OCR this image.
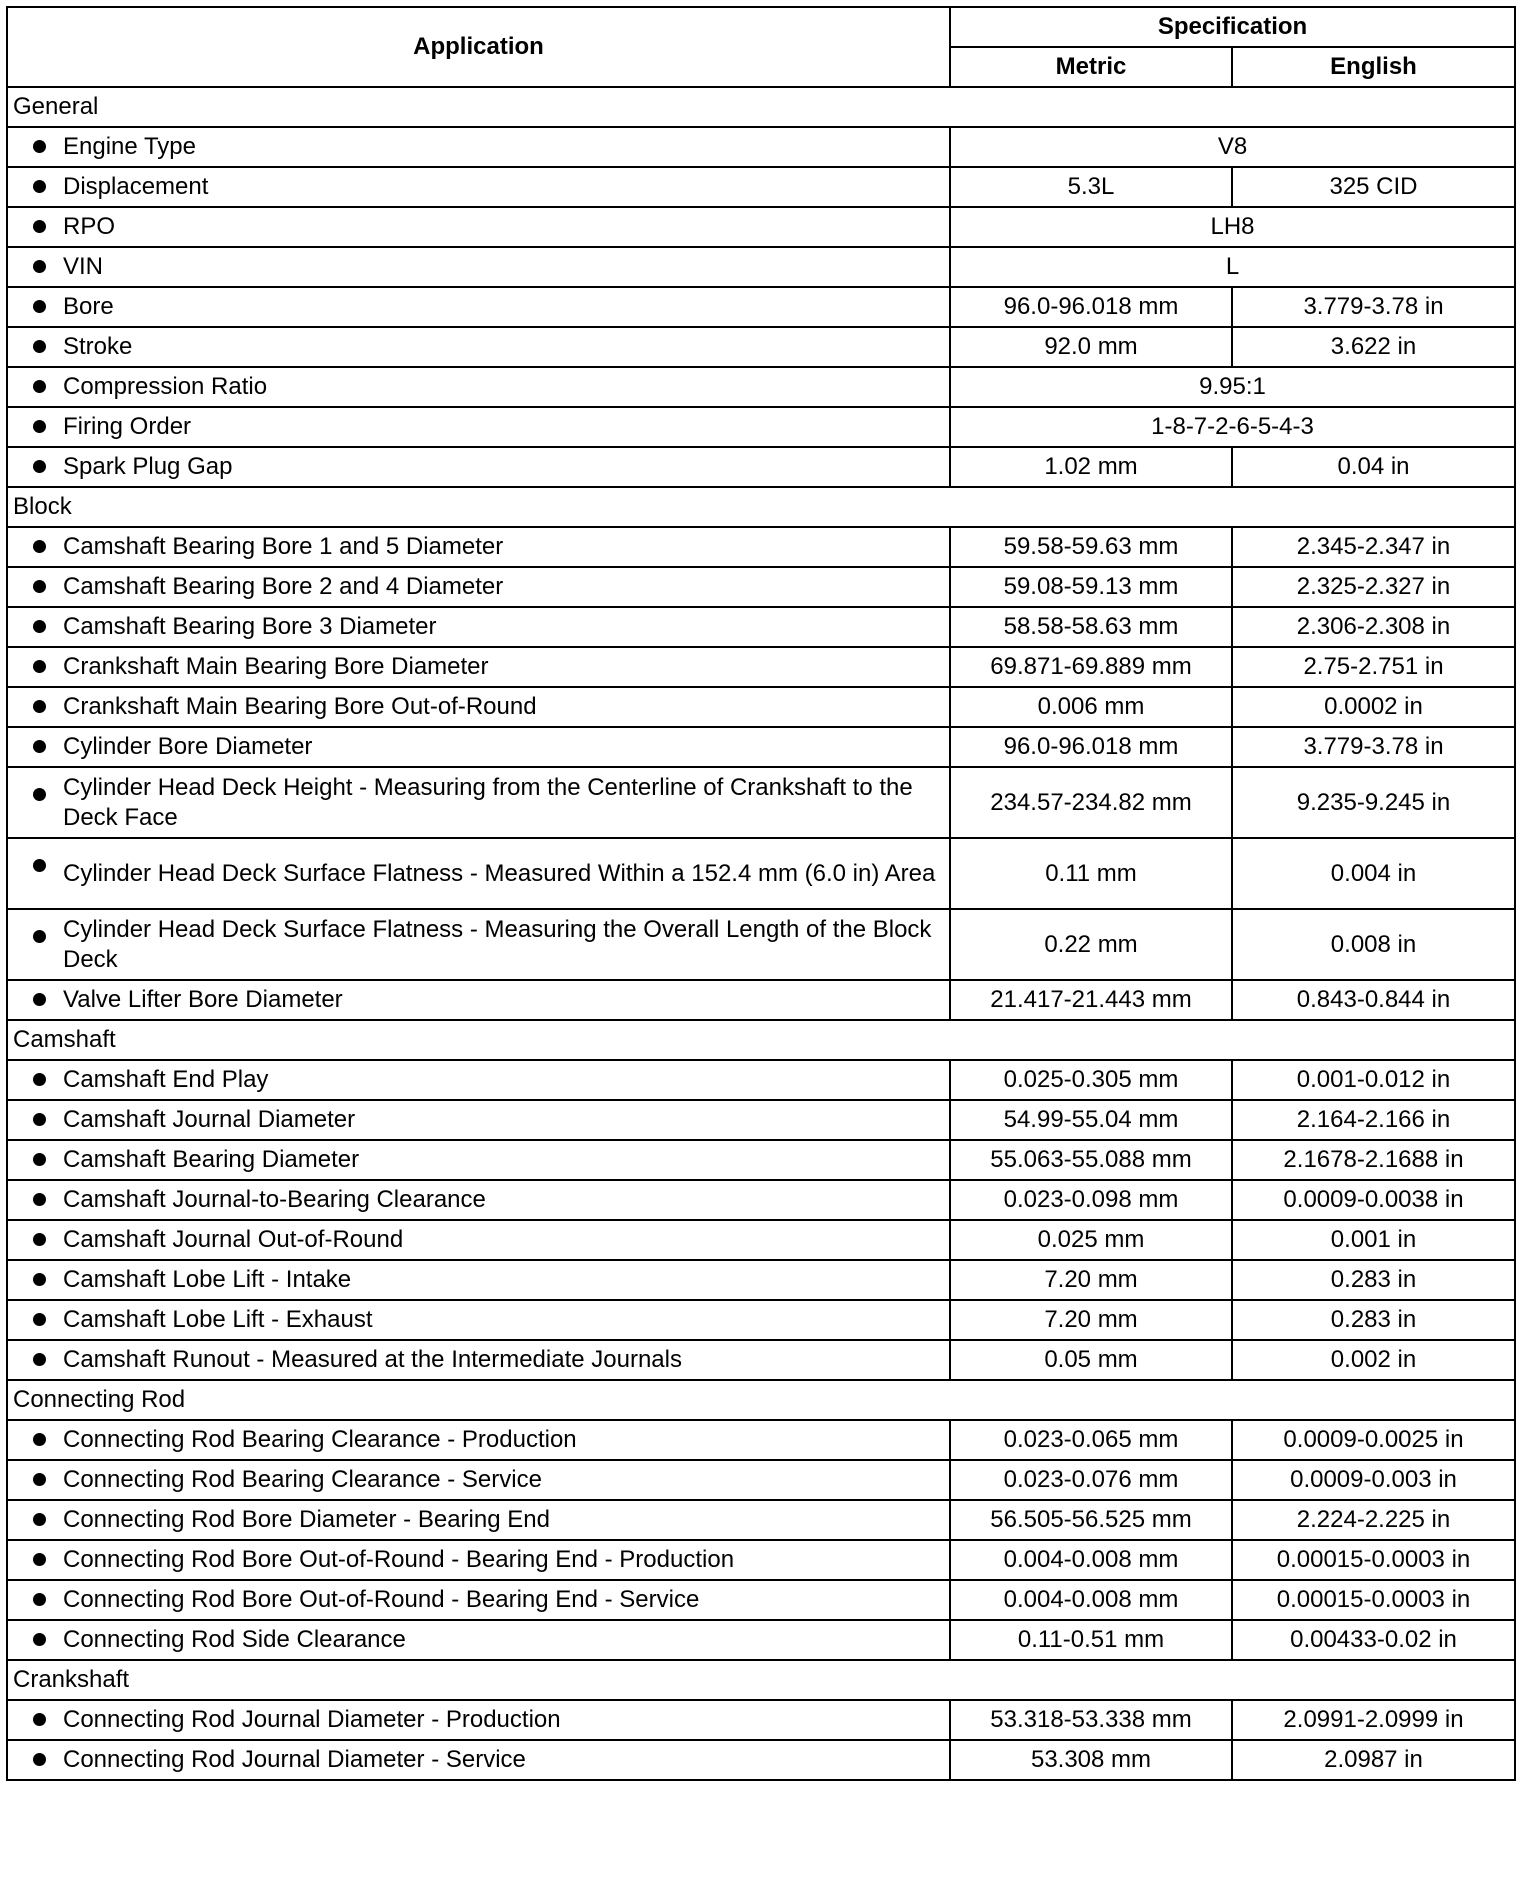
Application	Specification	
	Metric	English
General		

Engine Type	V8	

Displacement	5.3L	325 CID

RPO	LH8	

VIN	L	

Bore	96.0-96.018 mm	3.779-3.78 in

Stroke	92.0 mm	3.622 in

Compression Ratio	9.95:1	

Firing Order	1-8-7-2-6-5-4-3	

Spark Plug Gap	1.02 mm	0.04 in
Block		

Camshaft Bearing Bore 1 and 5 Diameter	59.58-59.63 mm	2.345-2.347 in

Camshaft Bearing Bore 2 and 4 Diameter	59.08-59.13 mm	2.325-2.327 in

Camshaft Bearing Bore 3 Diameter	58.58-58.63 mm	2.306-2.308 in

Crankshaft Main Bearing Bore Diameter	69.871-69.889 mm	2.75-2.751 in

Crankshaft Main Bearing Bore Out-of-Round	0.006 mm	0.0002 in

Cylinder Bore Diameter	96.0-96.018 mm	3.779-3.78 in

Cylinder Head Deck Height - Measuring from the Centerline of Crankshaft to the Deck Face	234.57-234.82 mm	9.235-9.245 in

Cylinder Head Deck Surface Flatness - Measured Within a 152.4 mm (6.0 in) Area	0.11 mm	0.004 in

Cylinder Head Deck Surface Flatness - Measuring the Overall Length of the Block Deck	0.22 mm	0.008 in

Valve Lifter Bore Diameter	21.417-21.443 mm	0.843-0.844 in
Camshaft		

Camshaft End Play	0.025-0.305 mm	0.001-0.012 in

Camshaft Journal Diameter	54.99-55.04 mm	2.164-2.166 in

Camshaft Bearing Diameter	55.063-55.088 mm	2.1678-2.1688 in

Camshaft Journal-to-Bearing Clearance	0.023-0.098 mm	0.0009-0.0038 in

Camshaft Journal Out-of-Round	0.025 mm	0.001 in

Camshaft Lobe Lift - Intake	7.20 mm	0.283 in

Camshaft Lobe Lift - Exhaust	7.20 mm	0.283 in

Camshaft Runout - Measured at the Intermediate Journals	0.05 mm	0.002 in
Connecting Rod		

Connecting Rod Bearing Clearance - Production	0.023-0.065 mm	0.0009-0.0025 in

Connecting Rod Bearing Clearance - Service	0.023-0.076 mm	0.0009-0.003 in

Connecting Rod Bore Diameter - Bearing End	56.505-56.525 mm	2.224-2.225 in

Connecting Rod Bore Out-of-Round - Bearing End - Production	0.004-0.008 mm	0.00015-0.0003 in

Connecting Rod Bore Out-of-Round - Bearing End - Service	0.004-0.008 mm	0.00015-0.0003 in

Connecting Rod Side Clearance	0.11-0.51 mm	0.00433-0.02 in
Crankshaft		

Connecting Rod Journal Diameter - Production	53.318-53.338 mm	2.0991-2.0999 in

Connecting Rod Journal Diameter - Service	53.308 mm	2.0987 in
